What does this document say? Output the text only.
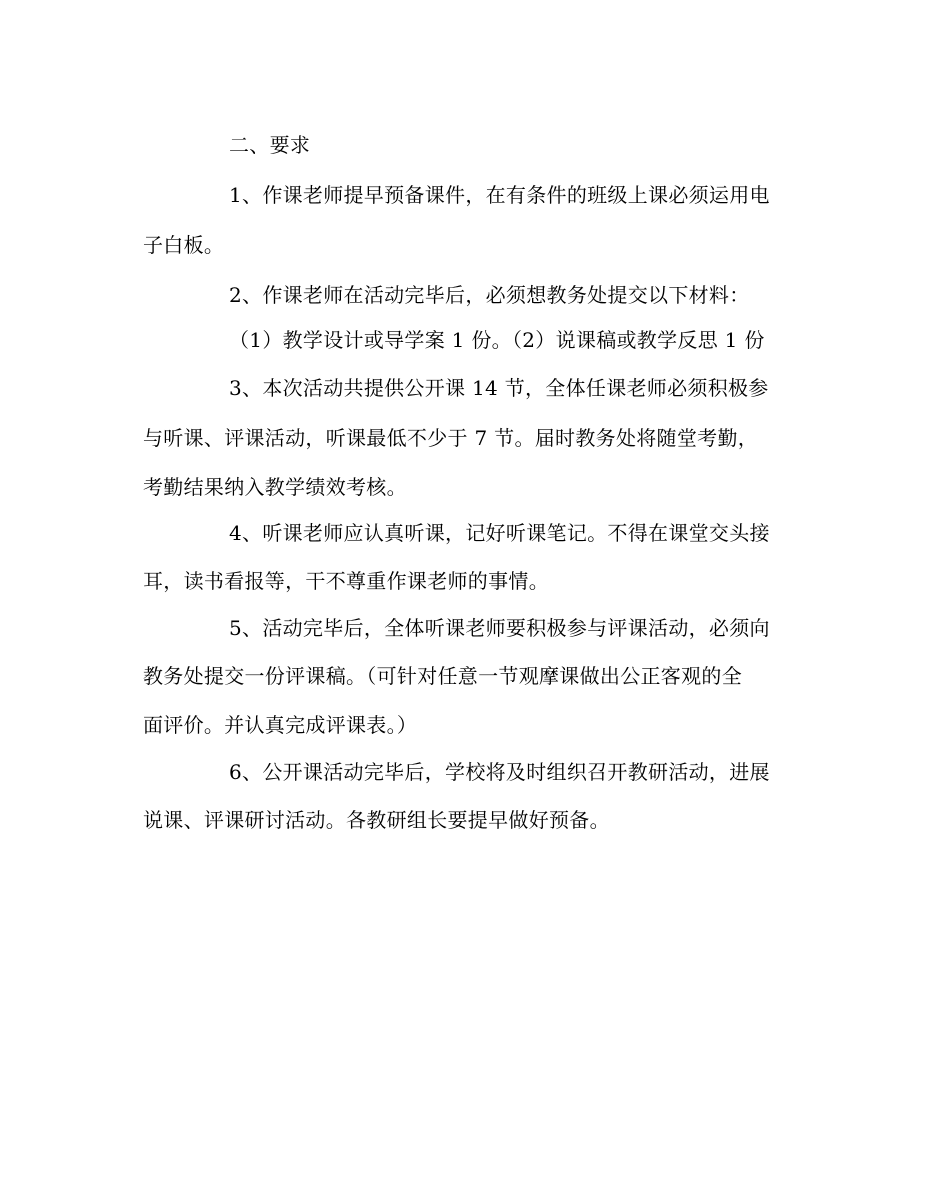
二、要求
1、作课老师提早预备课件，在有条件的班级上课必须运用电
子白板。
2、作课老师在活动完毕后，必须想教务处提交以下材料：
（1）教学设计或导学案 1 份。（2）说课稿或教学反思 1 份
3、本次活动共提供公开课 14 节，全体任课老师必须积极参
与听课、评课活动，听课最低不少于 7 节。届时教务处将随堂考勤，
考勤结果纳入教学绩效考核。
4、听课老师应认真听课，记好听课笔记。不得在课堂交头接
耳，读书看报等，干不尊重作课老师的事情。
5、活动完毕后，全体听课老师要积极参与评课活动，必须向
教务处提交一份评课稿。（可针对任意一节观摩课做出公正客观的全
面评价。并认真完成评课表。）
6、公开课活动完毕后，学校将及时组织召开教研活动，进展
说课、评课研讨活动。各教研组长要提早做好预备。
